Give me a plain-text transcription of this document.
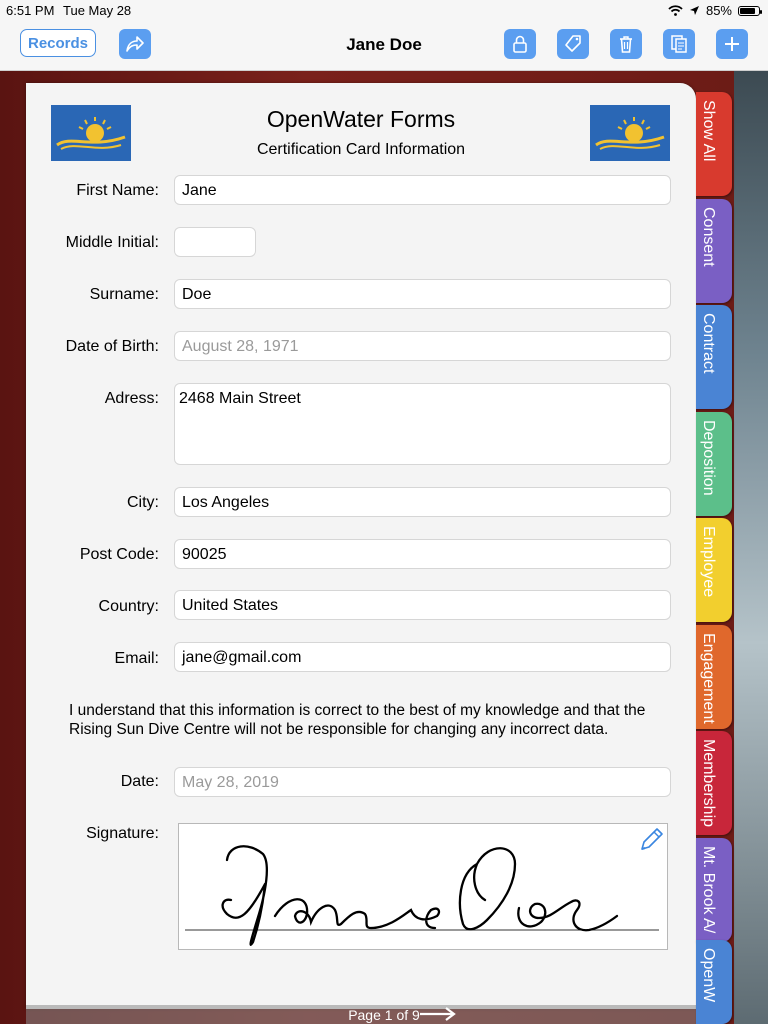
6:51 PM Tue May 28	85%
Records	Jane Doe
OpenWater Forms
Certification Card Information
First Name:	Jane
Middle Initial:
Surname:	Doe
Date of Birth:	August 28, 1971
Adress:	2468 Main Street
City:	Los Angeles
Post Code:	90025
Country:	United States
Email:	jane@gmail.com
I understand that this information is correct to the best of my knowledge and that the Rising Sun Dive Centre will not be responsible for changing any incorrect data.
Date:	May 28, 2019
Signature:
Page 1 of 9
Show All
Consent
Contract
Deposition
Employee
Engagement
Membership
Mt. Brook A/
OpenW
